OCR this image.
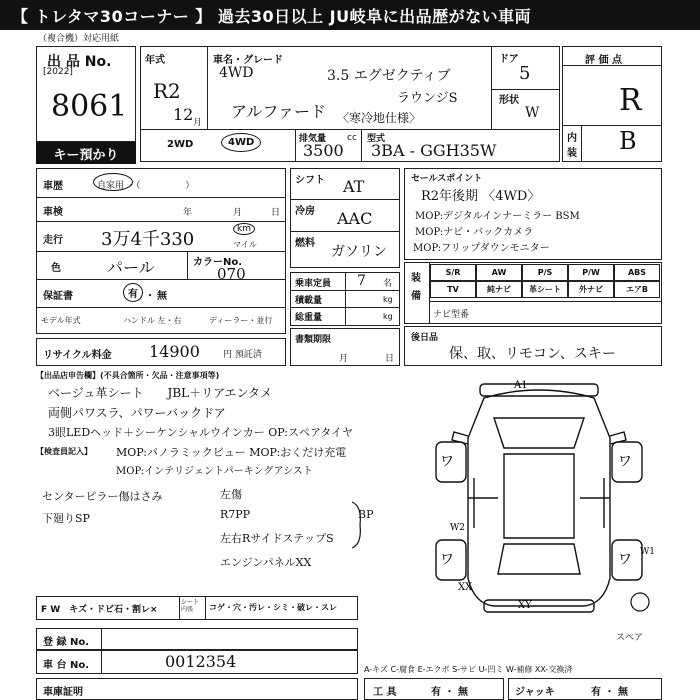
【 トレタマ30コーナー 】 過去30日以上 JU岐阜に出品歴がない車両
（複合機）対応用紙
出 品 No.
[2022]
8061
キー預かり
年式
R2
12 月
車名・グレード
4WD	3.5 エグゼクティブ
ラウンジS
アルファード 〈寒冷地仕様〉
ドア
5
形状
W
2WD	4WD	排気量
3500
cc 型式
3BA - GGH35W
評 価 点
R
内
装 B
車歴	自家用 ・（　　　　　）
車検	年	月	日
走行 3万4千330	km
マイル
色	パール	カラーNo.
070
保証書	有 ・ 無
モデル年式	ハンドル 左・右	ディーラー・並行
リサイクル料金 14900	円 預託済
シフト AT
冷房 AAC
燃料
ガソリン
乗車定員 7 名
積載量	kg
総重量	kg
書類期限
月	日
セールスポイント
R2年後期 〈4WD〉
MOP:デジタルインナーミラー BSM
MOP:ナビ・バックカメラ
MOP:フリップダウンモニター
装
備
ナビ型番
後日品
保、取、リモコン、スキー
【出品店申告欄】(不具合箇所・欠品・注意事項等)
ベージュ革シート　　JBL＋リアエンタメ
両側パワスラ、パワーバックドア
3眼LEDヘッド＋シーケンシャルウインカー OP:スペアタイヤ
【検査員記入】 MOP:パノラミックビュー MOP:おくだけ充電
MOP:インテリジェントパーキングアシスト
センターピラー傷はさみ
下廻りSP
左傷
R7PP
左右RサイドステップS
エンジンパネルXX
BP
A1
ワ	ワ
ワ	ワ
W2
XX
XY
W1
スペア
F W　キズ・ドビ石・割レ×
シート 内張	コゲ・穴・汚レ・シミ・破レ・スレ
登 録 No.
車 台 No.	0012354	A-キズ C-腐食 E-エクボ S-サビ U-凹ミ W-補修 XX-交換済
車庫証明	工 具	有 ・ 無	ジャッキ	有 ・ 無
S/R	AW	P/S	P/W	ABS
TV	純ナビ	革シート	外ナビ	エアB
